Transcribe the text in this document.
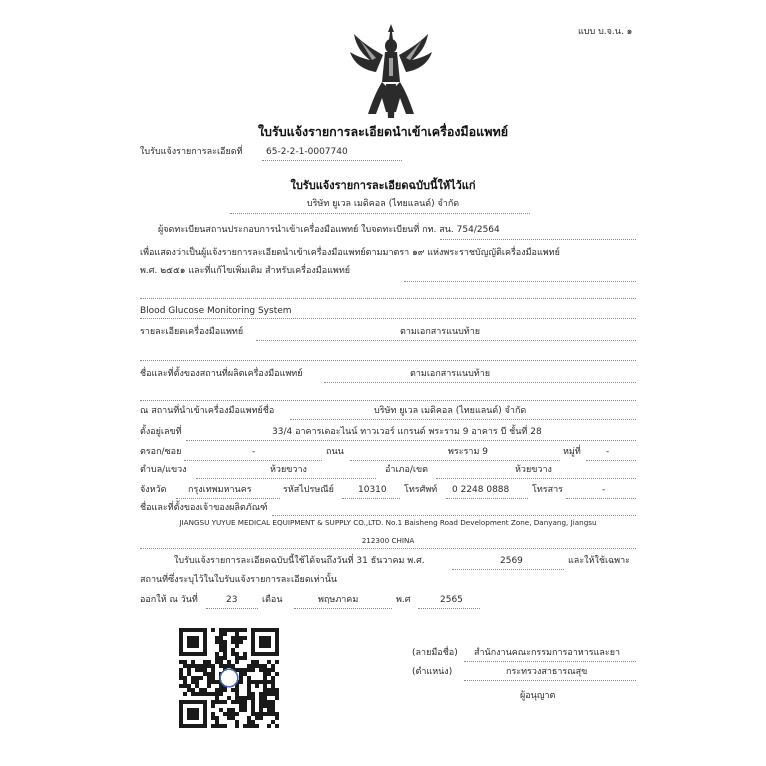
แบบ บ.จ.น. ๑
ใบรับแจ้งรายการละเอียดนำเข้าเครื่องมือแพทย์
ใบรับแจ้งรายการละเอียดที่	65-2-2-1-0007740
ใบรับแจ้งรายการละเอียดฉบับนี้ให้ไว้แก่
บริษัท ยูเวล เมดิคอล (ไทยแลนด์) จำกัด
ผู้จดทะเบียนสถานประกอบการนำเข้าเครื่องมือแพทย์ ใบจดทะเบียนที่ กท. สน. 754/2564
เพื่อแสดงว่าเป็นผู้แจ้งรายการละเอียดนำเข้าเครื่องมือแพทย์ตามมาตรา ๑๙ แห่งพระราชบัญญัติเครื่องมือแพทย์
พ.ศ. ๒๕๕๑ และที่แก้ไขเพิ่มเติม สำหรับเครื่องมือแพทย์
Blood Glucose Monitoring System
รายละเอียดเครื่องมือแพทย์	ตามเอกสารแนบท้าย
ชื่อและที่ตั้งของสถานที่ผลิตเครื่องมือแพทย์	ตามเอกสารแนบท้าย
ณ สถานที่นำเข้าเครื่องมือแพทย์ชื่อ	บริษัท ยูเวล เมดิคอล (ไทยแลนด์) จำกัด
ตั้งอยู่เลขที่	33/4 อาคารเดอะไนน์ ทาวเวอร์ แกรนด์ พระราม 9 อาคาร บี ชั้นที่ 28
ตรอก/ซอย	-	ถนน	พระราม 9	หมู่ที่	-
ตำบล/แขวง	ห้วยขวาง	อำเภอ/เขต	ห้วยขวาง
จังหวัด กรุงเทพมหานคร	รหัสไปรษณีย์	10310 โทรศัพท์ 0 2248 0888	โทรสาร	-
ชื่อและที่ตั้งของเจ้าของผลิตภัณฑ์
JIANGSU YUYUE MEDICAL EQUIPMENT & SUPPLY CO.,LTD. No.1 Baisheng Road Development Zone, Danyang, Jiangsu
212300 CHINA
ใบรับแจ้งรายการละเอียดฉบับนี้ใช้ได้จนถึงวันที่ 31 ธันวาคม พ.ศ.	2569	และให้ใช้เฉพาะ
สถานที่ซึ่งระบุไว้ในใบรับแจ้งรายการละเอียดเท่านั้น
ออกให้ ณ วันที่	23	เดือน	พฤษภาคม	พ.ศ	2565
(ลายมือชื่อ) สำนักงานคณะกรรมการอาหารและยา
(ตำแหน่ง)	กระทรวงสาธารณสุข
ผู้อนุญาต
